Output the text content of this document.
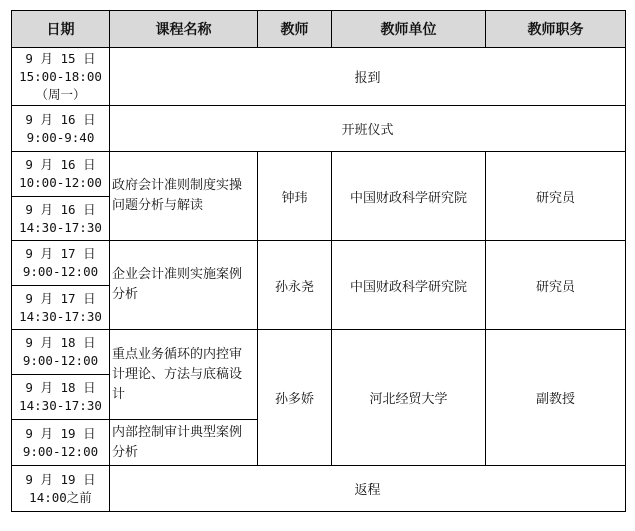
日期	课程名称	教师	教师单位	教师职务

9 月 15 日
15:00-18:00
（周一）	报到			

9 月 16 日
9:00-9:40	开班仪式			

9 月 16 日
10:00-12:00	政府会计准则制度实操
问题分析与解读	钟玮	中国财政科学研究院	研究员

9 月 16 日
14:30-17:30				

9 月 17 日
9:00-12:00	企业会计准则实施案例
分析	孙永尧	中国财政科学研究院	研究员

9 月 17 日
14:30-17:30				

9 月 18 日
9:00-12:00	重点业务循环的内控审
计理论、方法与底稿设
计	孙多娇	河北经贸大学	副教授

9 月 18 日
14:30-17:30				

9 月 19 日
9:00-12:00	内部控制审计典型案例
分析			

9 月 19 日
14:00之前	返程			
